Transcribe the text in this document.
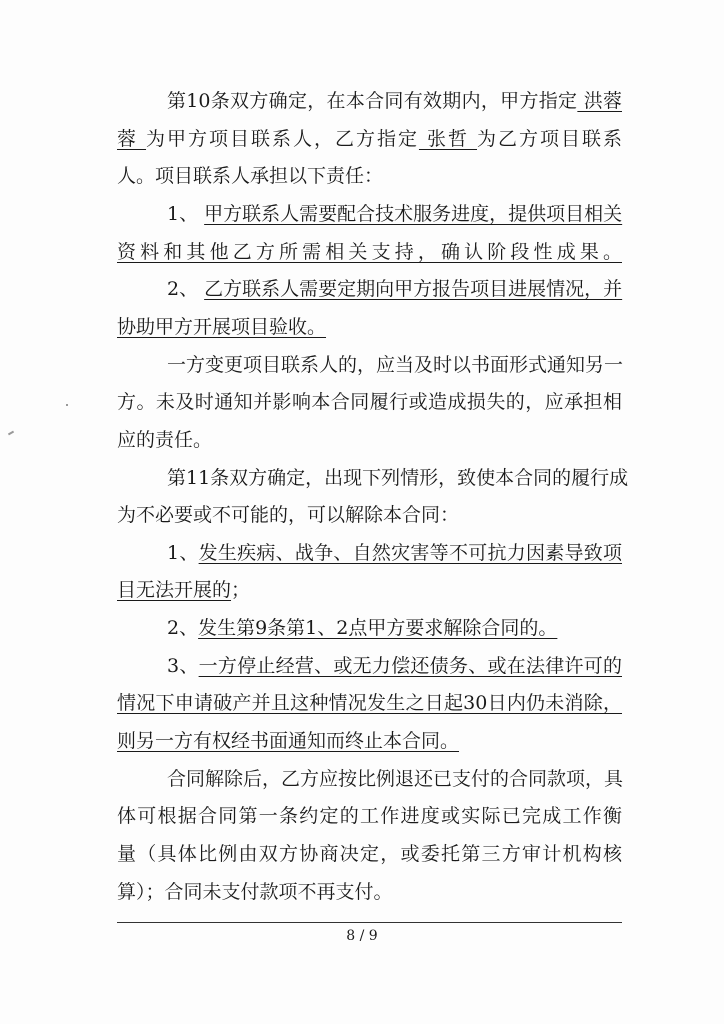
第10条双方确定，在本合同有效期内，甲方指定 洪蓉
蓉 为甲方项目联系人，乙方指定 张哲 为乙方项目联系
人。项目联系人承担以下责任：
1、 甲方联系人需要配合技术服务进度，提供项目相关
资料和其他乙方所需相关支持，确认阶段性成果。
2、 乙方联系人需要定期向甲方报告项目进展情况，并
协助甲方开展项目验收。
一方变更项目联系人的，应当及时以书面形式通知另一
方。未及时通知并影响本合同履行或造成损失的，应承担相
应的责任。
第11条双方确定，出现下列情形，致使本合同的履行成
为不必要或不可能的，可以解除本合同：
1、发生疾病、战争、自然灾害等不可抗力因素导致项
目无法开展的；
2、发生第9条第1、2点甲方要求解除合同的。
3、一方停止经营、或无力偿还债务、或在法律许可的
情况下申请破产并且这种情况发生之日起30日内仍未消除，
则另一方有权经书面通知而终止本合同。
合同解除后，乙方应按比例退还已支付的合同款项，具
体可根据合同第一条约定的工作进度或实际已完成工作衡
量（具体比例由双方协商决定，或委托第三方审计机构核
算）；合同未支付款项不再支付。
8 / 9
